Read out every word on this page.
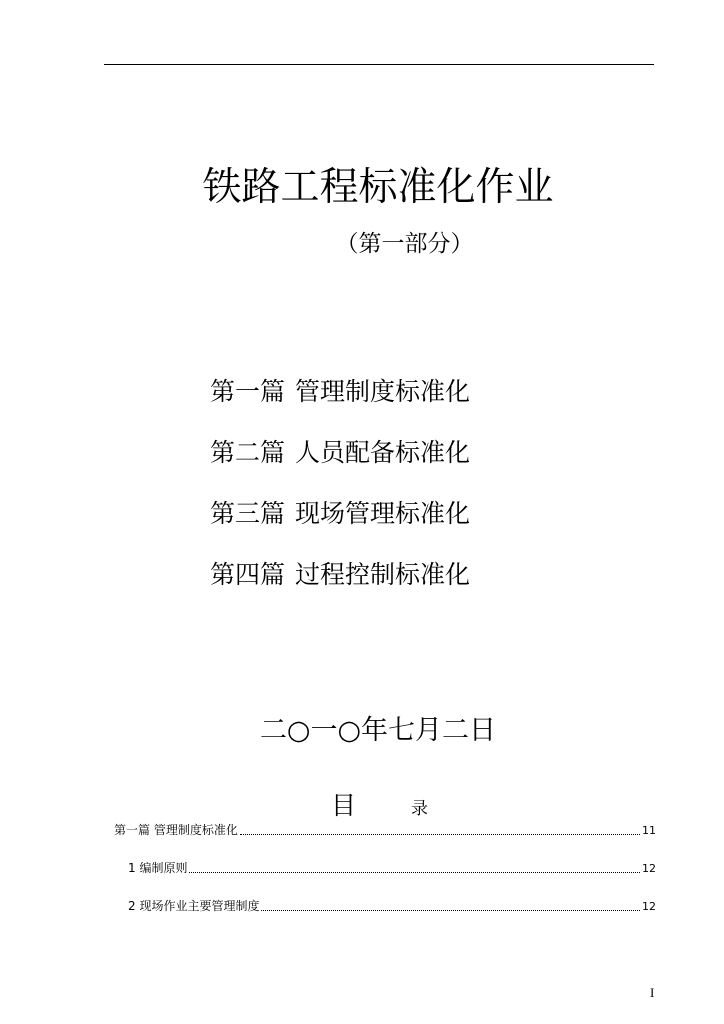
铁路工程标准化作业
（第一部分）
第一篇 管理制度标准化
第二篇 人员配备标准化
第三篇 现场管理标准化
第四篇 过程控制标准化
二○一○年七月二日
目	录
第一篇 管理制度标准化	11
1 编制原则	12
2 现场作业主要管理制度	12
I
